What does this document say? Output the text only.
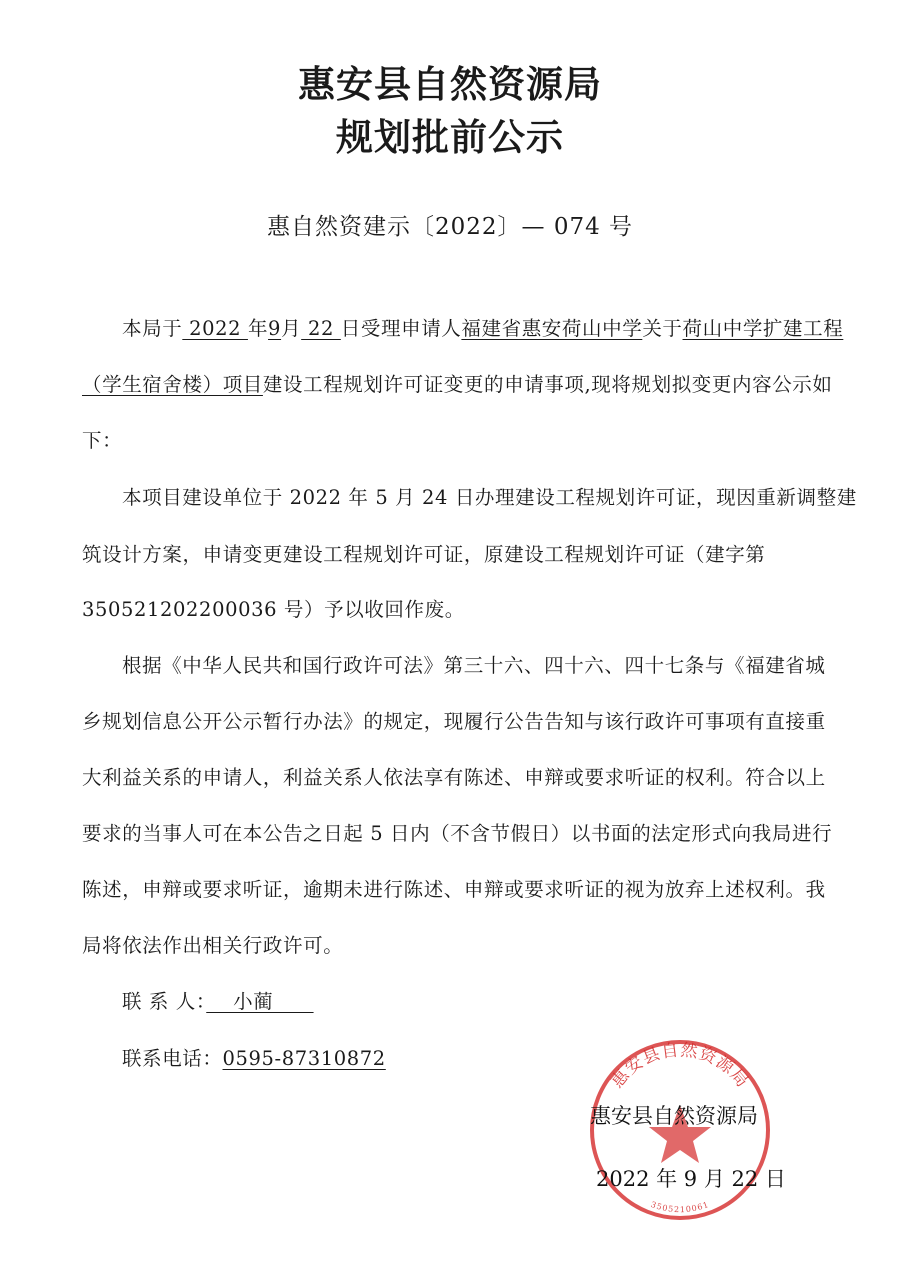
惠安县自然资源局
规划批前公示
惠自然资建示〔2022〕— 074 号
本局于 2022 年9月 22 日受理申请人福建省惠安荷山中学关于荷山中学扩建工程
（学生宿舍楼）项目建设工程规划许可证变更的申请事项,现将规划拟变更内容公示如
下：
本项目建设单位于 2022 年 5 月 24 日办理建设工程规划许可证，现因重新调整建
筑设计方案，申请变更建设工程规划许可证，原建设工程规划许可证（建字第
350521202200036 号）予以收回作废。
根据《中华人民共和国行政许可法》第三十六、四十六、四十七条与《福建省城
乡规划信息公开公示暂行办法》的规定，现履行公告告知与该行政许可事项有直接重
大利益关系的申请人，利益关系人依法享有陈述、申辩或要求听证的权利。符合以上
要求的当事人可在本公告之日起 5 日内（不含节假日）以书面的法定形式向我局进行
陈述，申辩或要求听证，逾期未进行陈述、申辩或要求听证的视为放弃上述权利。我
局将依法作出相关行政许可。
联 系 人：　 小蔺　　
联系电话：0595-87310872
惠安县自然资源局
3505210061
惠安县自然资源局
2022 年 9 月 22 日
